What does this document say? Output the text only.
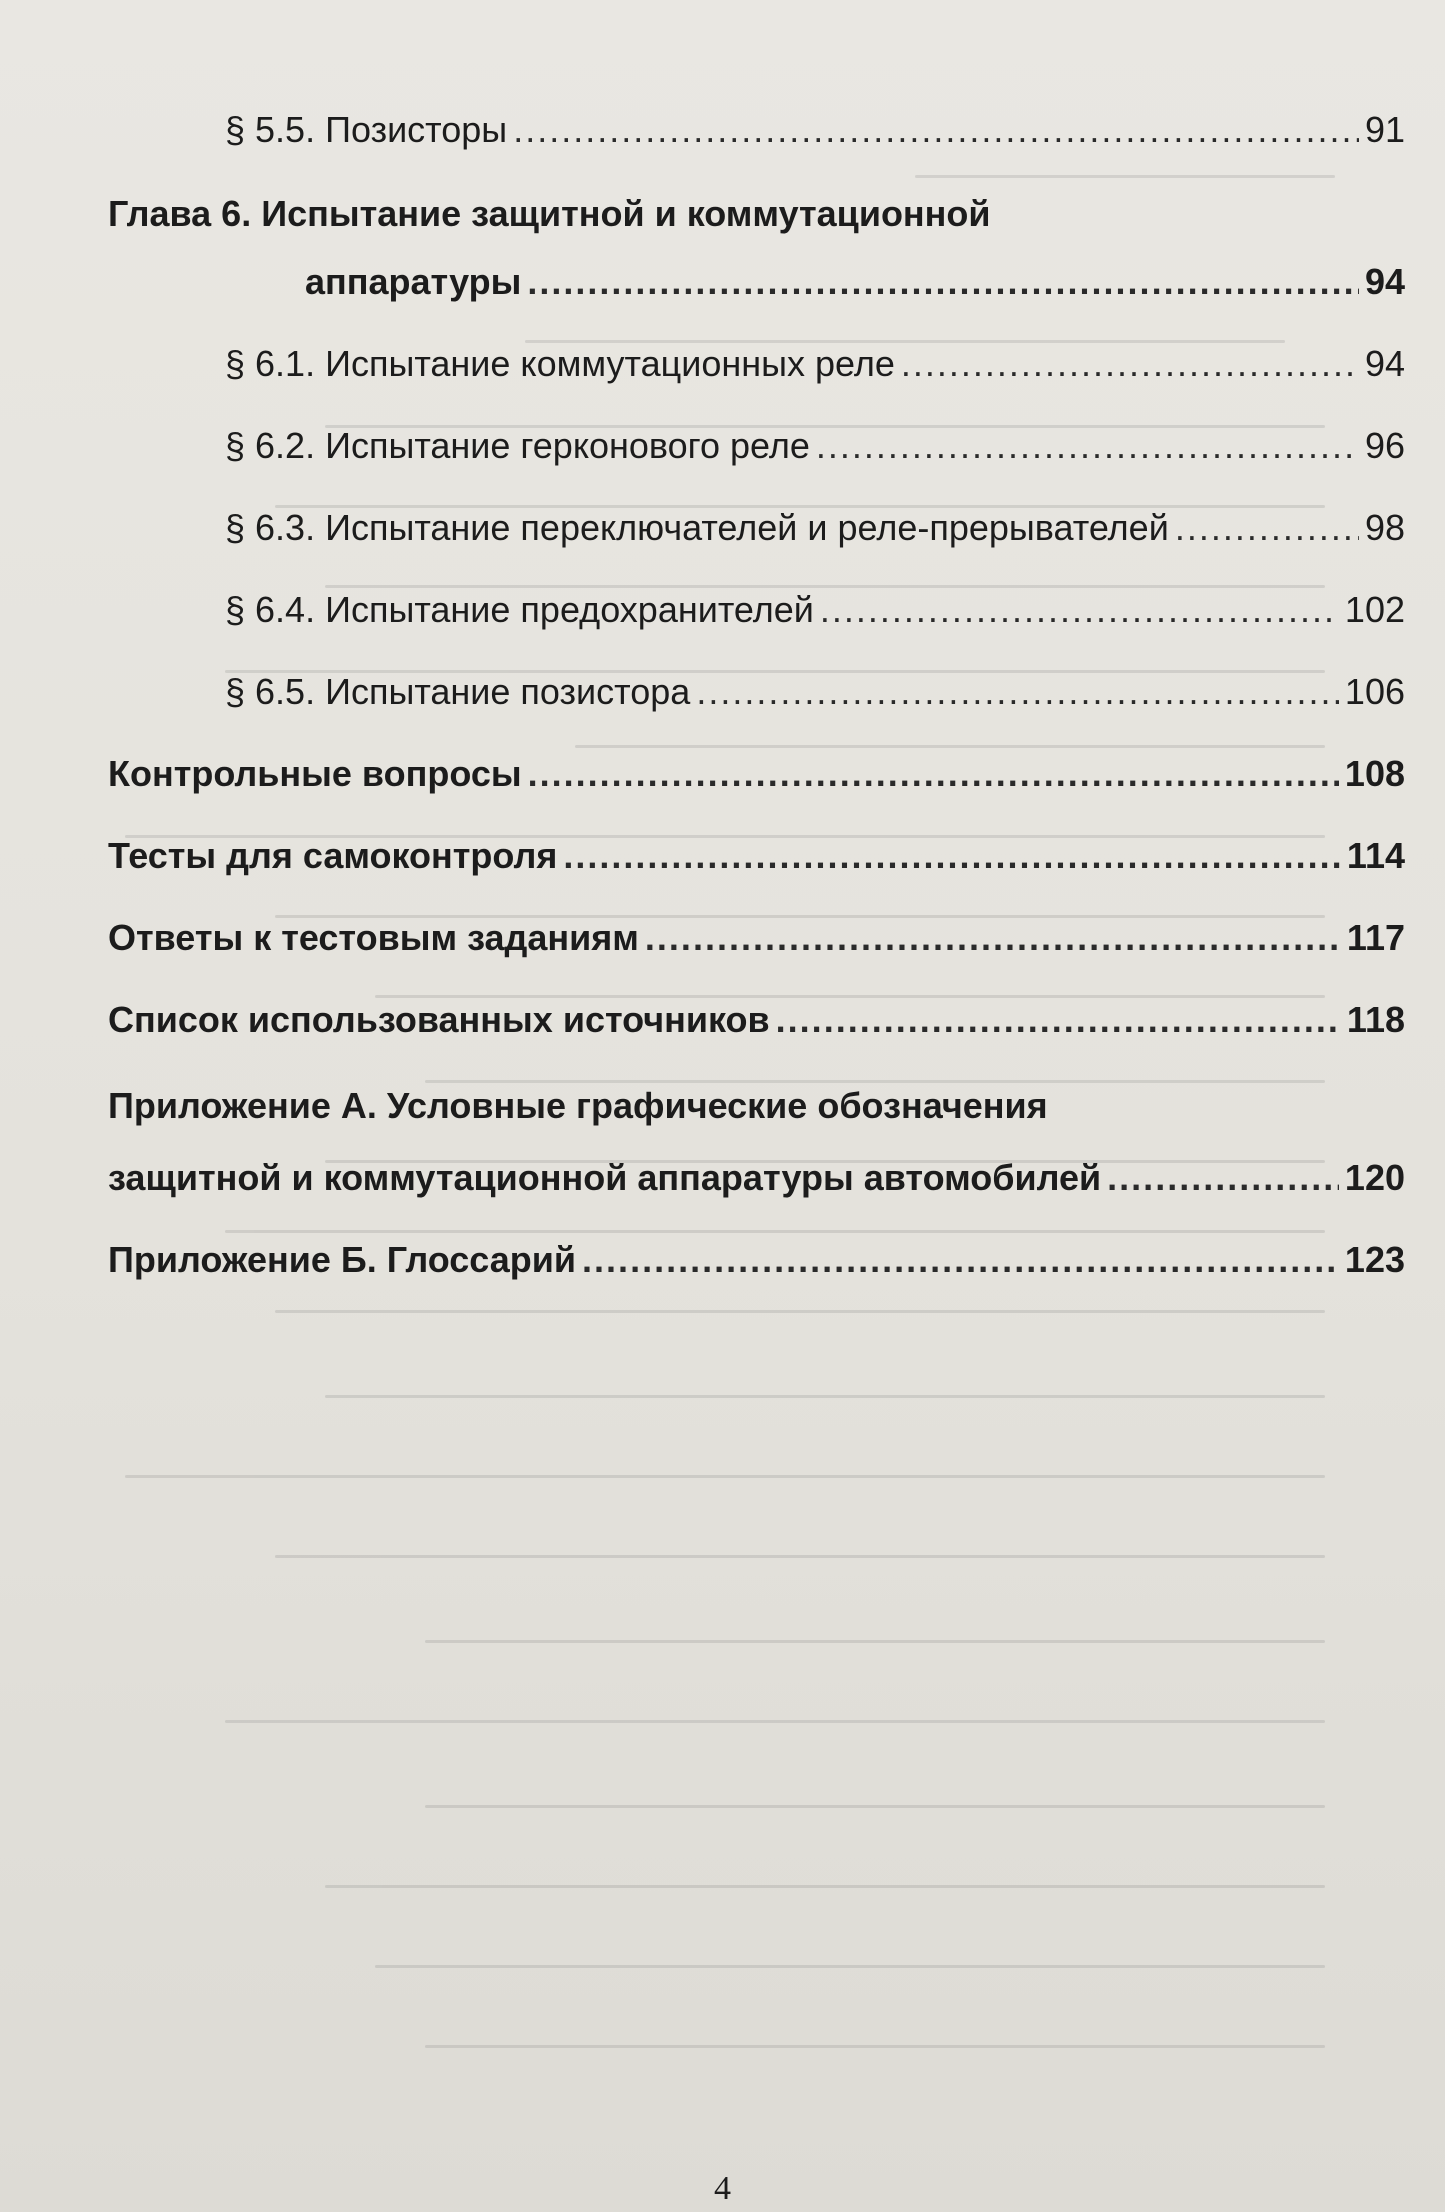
§ 5.5. Позисторы . . .	91
Глава 6. Испытание защитной и коммутационной
аппаратуры . . .	94
§ 6.1. Испытание коммутационных реле . . .	94
§ 6.2. Испытание герконового реле . . .	96
§ 6.3. Испытание переключателей и реле-прерывателей . . .	98
§ 6.4. Испытание предохранителей . . .	102
§ 6.5. Испытание позистора . . .	106
Контрольные вопросы . . .	108
Тесты для самоконтроля . . .	114
Ответы к тестовым заданиям . . .	117
Список использованных источников . . .	118
Приложение А. Условные графические обозначения
защитной и коммутационной аппаратуры автомобилей . . .	120
Приложение Б. Глоссарий . . .	123
4
